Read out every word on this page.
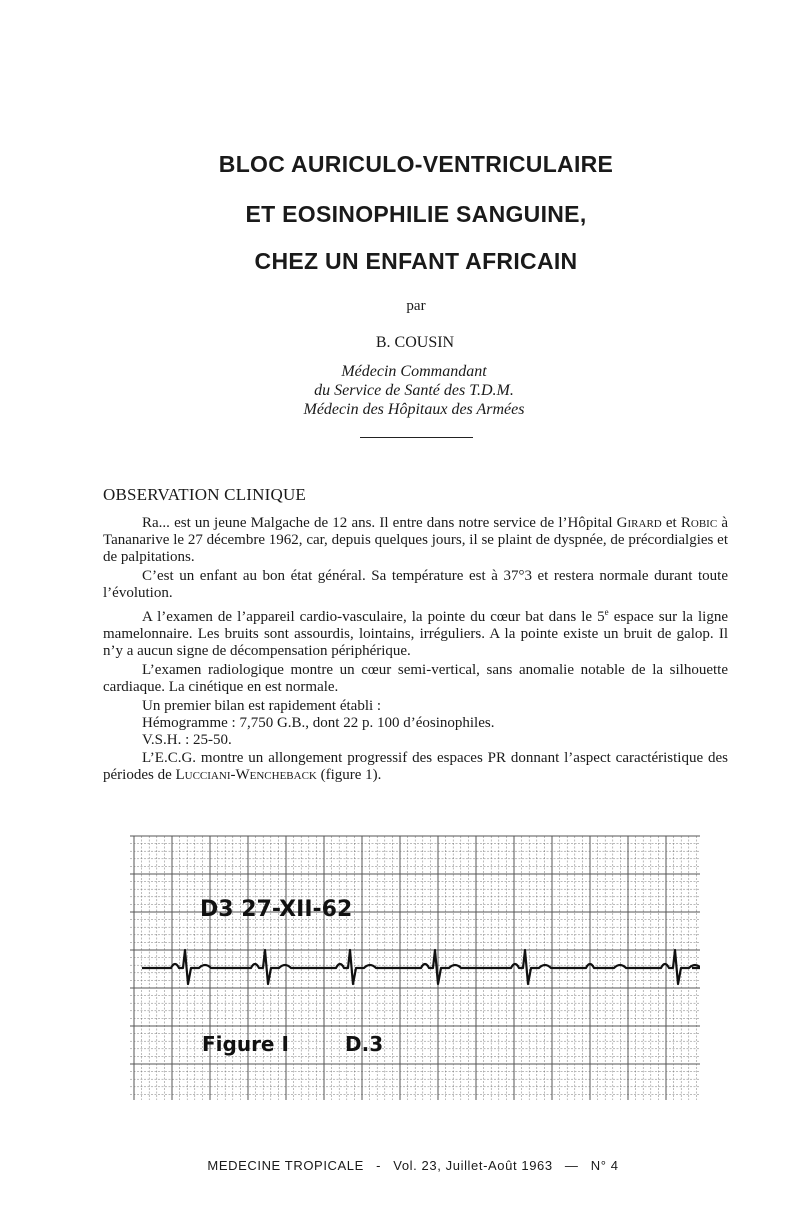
BLOC AURICULO-VENTRICULAIRE
ET EOSINOPHILIE SANGUINE,
CHEZ UN ENFANT AFRICAIN
par
B. COUSIN
Médecin Commandant
du Service de Santé des T.D.M.
Médecin des Hôpitaux des Armées
OBSERVATION CLINIQUE

Ra... est un jeune Malgache de 12 ans. Il entre dans notre service de l’Hôpital Girard et Robic à Tananarive le 27 décembre 1962, car, depuis quelques jours, il se plaint de dyspnée, de précordialgies et de palpitations.

C’est un enfant au bon état général. Sa température est à 37°3 et restera normale durant toute l’évolution.

A l’examen de l’appareil cardio-vasculaire, la pointe du cœur bat dans le 5e espace sur la ligne mamelonnaire. Les bruits sont assourdis, lointains, irréguliers. A la pointe existe un bruit de galop. Il n’y a aucun signe de décompensation périphérique.

L’examen radiologique montre un cœur semi-vertical, sans anomalie notable de la silhouette cardiaque. La cinétique en est normale.

Un premier bilan est rapidement établi :

Hémogramme : 7,750 G.B., dont 22 p. 100 d’éosinophiles.

V.S.H. : 25-50.

L’E.C.G. montre un allongement progressif des espaces PR donnant l’aspect caractéristique des périodes de Lucciani-Wencheback (figure 1).

D3 27-XII-62
Figure I	D.3
MEDECINE TROPICALE - Vol. 23, Juillet-Août 1963 — N° 4
